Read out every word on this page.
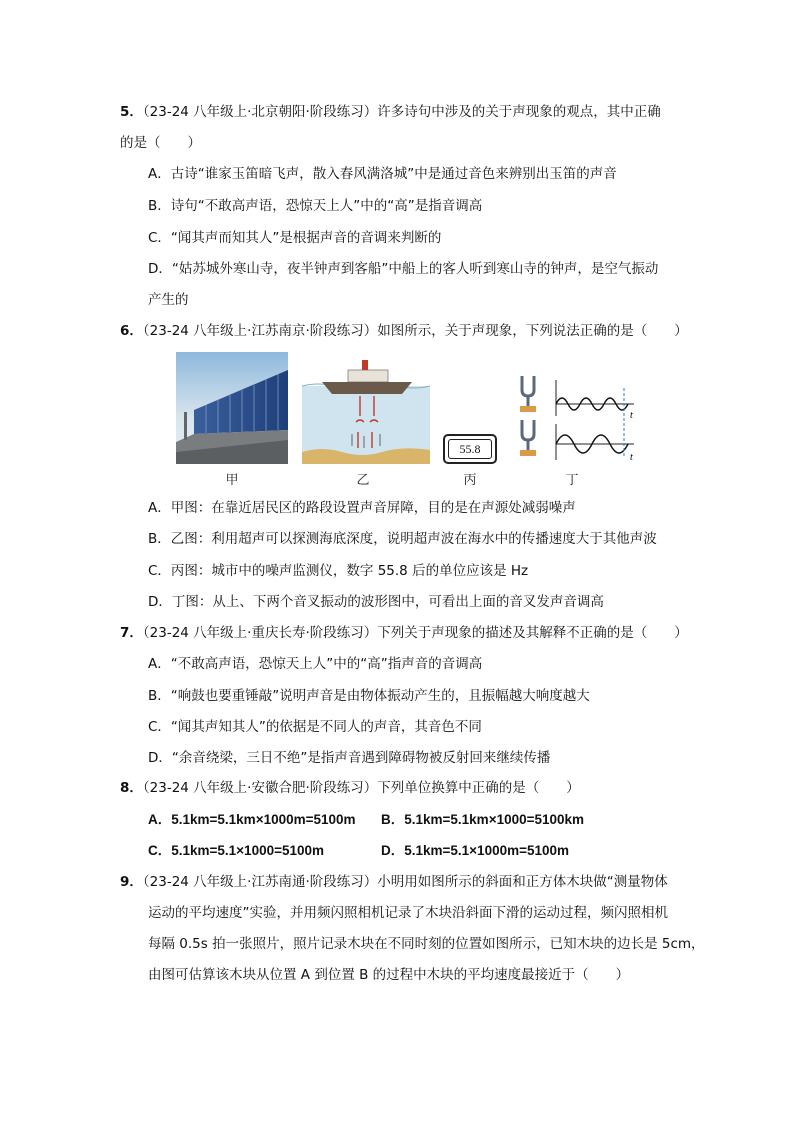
5．（23-24 八年级上·北京朝阳·阶段练习）许多诗句中涉及的关于声现象的观点，其中正确
的是（　　）
A．古诗“谁家玉笛暗飞声，散入春风满洛城”中是通过音色来辨别出玉笛的声音
B．诗句“不敢高声语，恐惊天上人”中的“高”是指音调高
C．“闻其声而知其人”是根据声音的音调来判断的
D．“姑苏城外寒山寺，夜半钟声到客船”中船上的客人听到寒山寺的钟声，是空气振动
产生的
6．（23-24 八年级上·江苏南京·阶段练习）如图所示，关于声现象，下列说法正确的是（　　）
甲	乙
55.8
丙
t
t
丁
A．甲图：在靠近居民区的路段设置声音屏障，目的是在声源处减弱噪声
B．乙图：利用超声可以探测海底深度，说明超声波在海水中的传播速度大于其他声波
C．丙图：城市中的噪声监测仪，数字 55.8 后的单位应该是 Hz
D．丁图：从上、下两个音叉振动的波形图中，可看出上面的音叉发声音调高
7．（23-24 八年级上·重庆长寿·阶段练习）下列关于声现象的描述及其解释不正确的是（　　）
A．“不敢高声语，恐惊天上人”中的“高”指声音的音调高
B．“响鼓也要重锤敲”说明声音是由物体振动产生的，且振幅越大响度越大
C．“闻其声知其人”的依据是不同人的声音，其音色不同
D．“余音绕梁，三日不绝”是指声音遇到障碍物被反射回来继续传播
8．（23-24 八年级上·安徽合肥·阶段练习）下列单位换算中正确的是（　　）
A．5.1km=5.1km×1000m=5100m B．5.1km=5.1km×1000=5100km
C．5.1km=5.1×1000=5100m	D．5.1km=5.1×1000m=5100m
9．（23-24 八年级上·江苏南通·阶段练习）小明用如图所示的斜面和正方体木块做“测量物体
运动的平均速度”实验，并用频闪照相机记录了木块沿斜面下滑的运动过程，频闪照相机
每隔 0.5s 拍一张照片，照片记录木块在不同时刻的位置如图所示，已知木块的边长是 5cm，
由图可估算该木块从位置 A 到位置 B 的过程中木块的平均速度最接近于（　　）
